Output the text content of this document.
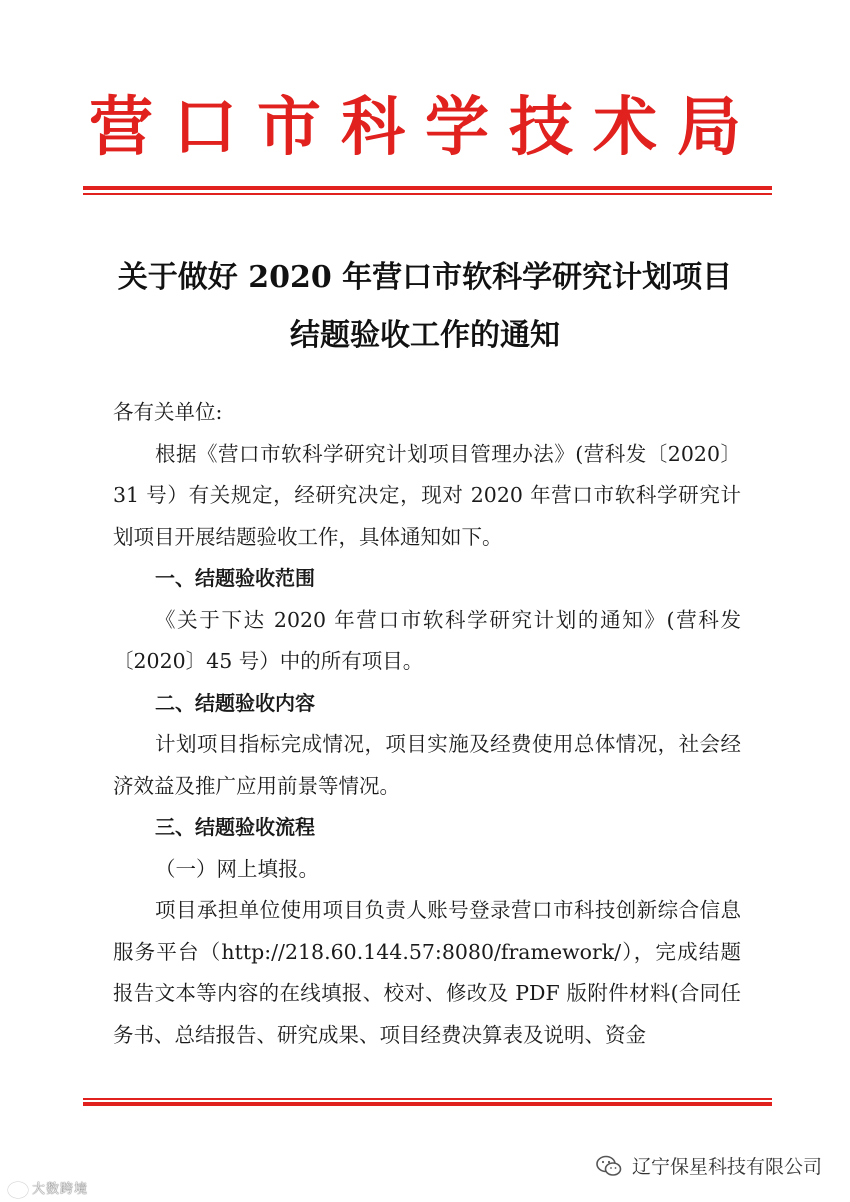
营口市科学技术局
关于做好 2020 年营口市软科学研究计划项目
结题验收工作的通知

各有关单位:

根据《营口市软科学研究计划项目管理办法》(营科发〔2020〕31 号）有关规定，经研究决定，现对 2020 年营口市软科学研究计划项目开展结题验收工作，具体通知如下。

一、结题验收范围

《关于下达 2020 年营口市软科学研究计划的通知》(营科发〔2020〕45 号）中的所有项目。

二、结题验收内容

计划项目指标完成情况，项目实施及经费使用总体情况，社会经济效益及推广应用前景等情况。

三、结题验收流程

（一）网上填报。

项目承担单位使用项目负责人账号登录营口市科技创新综合信息服务平台（http://218.60.144.57:8080/framework/），完成结题报告文本等内容的在线填报、校对、修改及 PDF 版附件材料(合同任务书、总结报告、研究成果、项目经费决算表及说明、资金

大数跨境
辽宁保星科技有限公司
